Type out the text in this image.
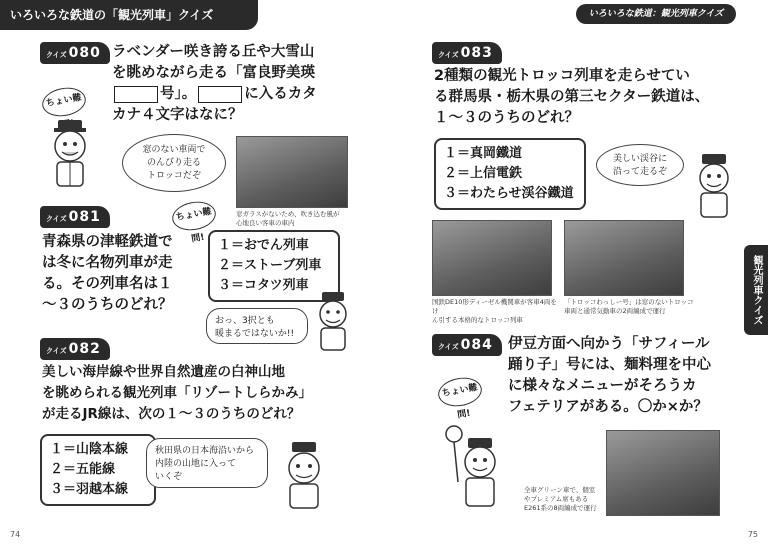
いろいろな鉄道の「観光列車」クイズ
クイズ 080 ラベンダー咲き誇る丘や大雪山
を眺めながら走る「富良野美瑛
号」。	に入るカタ
カナ４文字はなに？
ちょい難問!
窓のない車両で
のんびり走る
トロッコだぞ
窓ガラスがないため、吹き込む風が
心地良い客車の車内
クイズ 081	ちょい難問!
青森県の津軽鉄道で
は冬に名物列車が走
る。その列車名は１
～３のうちのどれ？
１＝おでん列車
２＝ストーブ列車
３＝コタツ列車
おっ、3択とも
暖まるではないか!!
クイズ 082
美しい海岸線や世界自然遺産の白神山地
を眺められる観光列車「リゾートしらかみ」
が走るJR線は、次の１～３のうちのどれ？
１＝山陰本線
２＝五能線
３＝羽越本線
秋田県の日本海沿いから
内陸の山地に入って
いくぞ
74
いろいろな鉄道：観光列車クイズ
観光列車クイズ
クイズ 083
2種類の観光トロッコ列車を走らせてい
る群馬県・栃木県の第三セクター鉄道は、
１～３のうちのどれ？
１＝真岡鐵道
２＝上信電鉄
３＝わたらせ渓谷鐵道
美しい渓谷に
沿って走るぞ
国鉄DE10形ディーゼル機関車が客車4両をけ
ん引する本格的なトロッコ列車
「トロッコわっしー号」は窓のないトロッコ
車両と通常気動車の2両編成で運行
クイズ 084	伊豆方面へ向かう「サフィール
踊り子」号には、麺料理を中心
に様々なメニューがそろうカ
フェテリアがある。〇か×か？
ちょい難問!
全車グリーン車で、個室
やプレミアム席もある
E261系の8両編成で運行
75
